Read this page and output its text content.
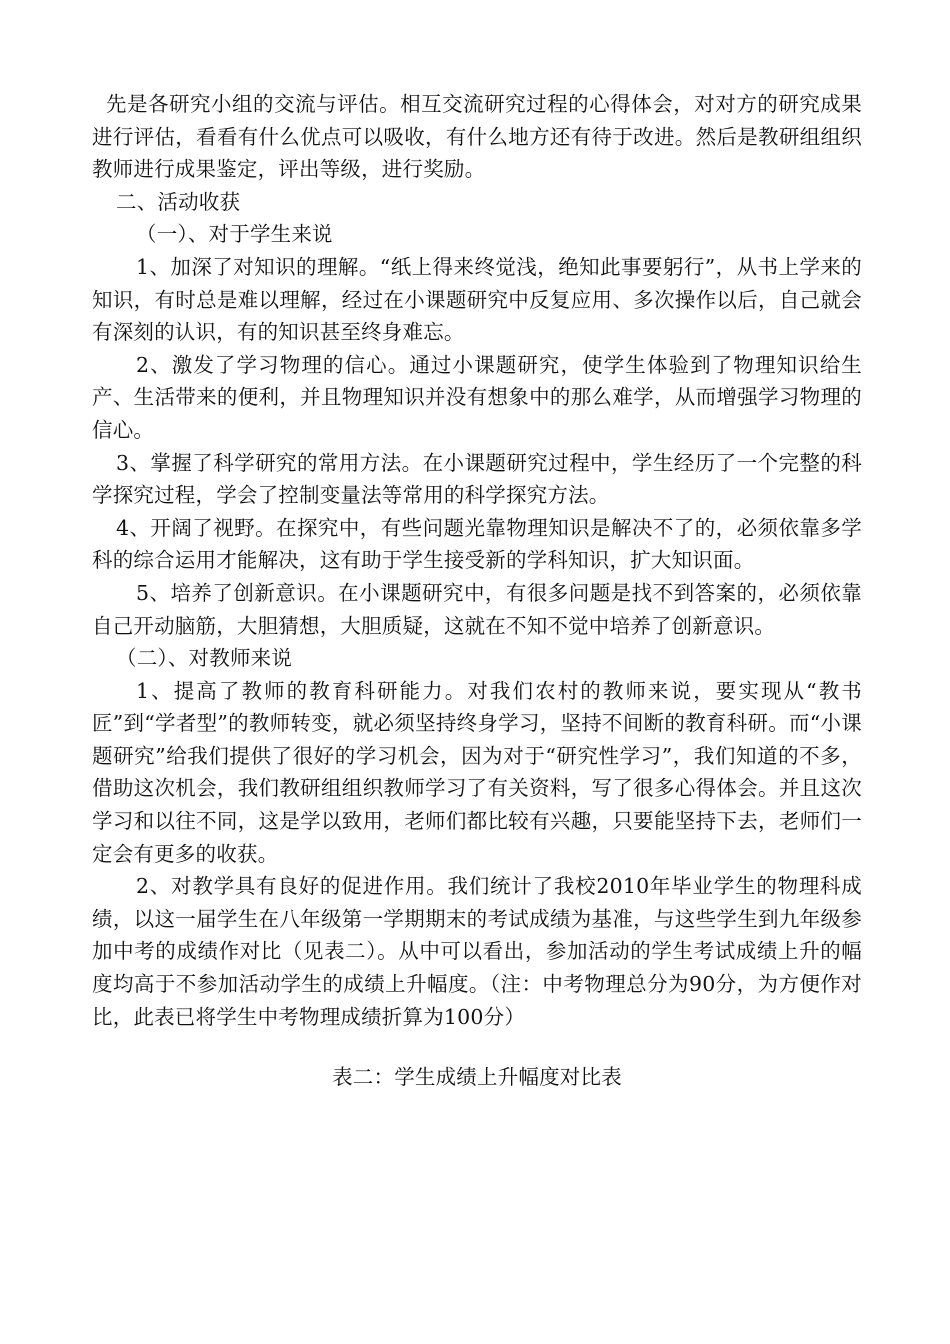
先是各研究小组的交流与评估。相互交流研究过程的心得体会，对对方的研究成果进行评估，看看有什么优点可以吸收，有什么地方还有待于改进。然后是教研组组织教师进行成果鉴定，评出等级，进行奖励。

二、活动收获

（一）、对于学生来说

1、加深了对知识的理解。“纸上得来终觉浅，绝知此事要躬行”，从书上学来的知识，有时总是难以理解，经过在小课题研究中反复应用、多次操作以后，自己就会有深刻的认识，有的知识甚至终身难忘。

2、激发了学习物理的信心。通过小课题研究，使学生体验到了物理知识给生产、生活带来的便利，并且物理知识并没有想象中的那么难学，从而增强学习物理的信心。

3、掌握了科学研究的常用方法。在小课题研究过程中，学生经历了一个完整的科学探究过程，学会了控制变量法等常用的科学探究方法。

4、开阔了视野。在探究中，有些问题光靠物理知识是解决不了的，必须依靠多学科的综合运用才能解决，这有助于学生接受新的学科知识，扩大知识面。

5、培养了创新意识。在小课题研究中，有很多问题是找不到答案的，必须依靠自己开动脑筋，大胆猜想，大胆质疑，这就在不知不觉中培养了创新意识。

（二）、对教师来说

1、提高了教师的教育科研能力。对我们农村的教师来说，要实现从“教书匠”到“学者型”的教师转变，就必须坚持终身学习，坚持不间断的教育科研。而“小课题研究”给我们提供了很好的学习机会，因为对于“研究性学习”，我们知道的不多，借助这次机会，我们教研组组织教师学习了有关资料，写了很多心得体会。并且这次学习和以往不同，这是学以致用，老师们都比较有兴趣，只要能坚持下去，老师们一定会有更多的收获。

2、对教学具有良好的促进作用。我们统计了我校2010年毕业学生的物理科成绩，以这一届学生在八年级第一学期期末的考试成绩为基准，与这些学生到九年级参加中考的成绩作对比（见表二）。从中可以看出，参加活动的学生考试成绩上升的幅度均高于不参加活动学生的成绩上升幅度。（注：中考物理总分为90分，为方便作对比，此表已将学生中考物理成绩折算为100分）

表二：学生成绩上升幅度对比表
